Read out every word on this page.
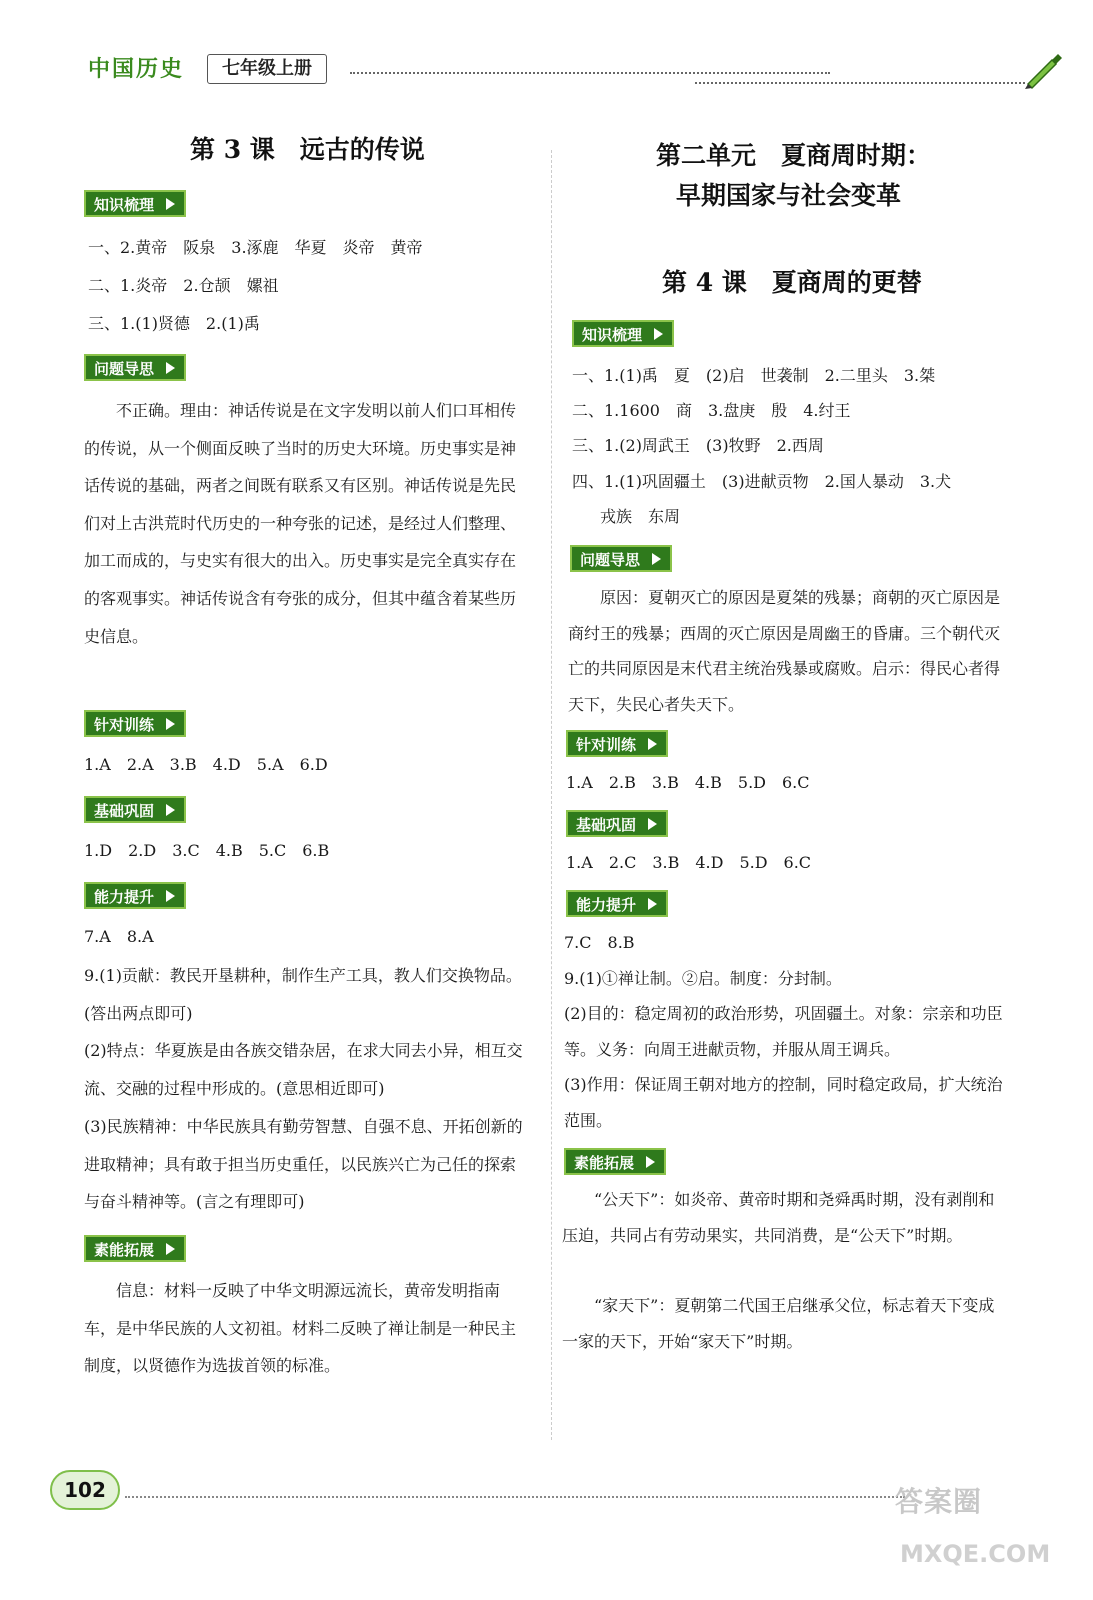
中国历史	七年级上册
第 3 课　远古的传说
知识梳理
一、2.黄帝　阪泉　3.涿鹿　华夏　炎帝　黄帝
二、1.炎帝　2.仓颉　嫘祖
三、1.(1)贤德　2.(1)禹
问题导思
不正确。理由：神话传说是在文字发明以前人们口耳相传的传说，从一个侧面反映了当时的历史大环境。历史事实是神话传说的基础，两者之间既有联系又有区别。神话传说是先民们对上古洪荒时代历史的一种夸张的记述，是经过人们整理、加工而成的，与史实有很大的出入。历史事实是完全真实存在的客观事实。神话传说含有夸张的成分，但其中蕴含着某些历史信息。
针对训练
1.A　2.A　3.B　4.D　5.A　6.D
基础巩固
1.D　2.D　3.C　4.B　5.C　6.B
能力提升
7.A　8.A
9.(1)贡献：教民开垦耕种，制作生产工具，教人们交换物品。(答出两点即可)
(2)特点：华夏族是由各族交错杂居，在求大同去小异，相互交流、交融的过程中形成的。(意思相近即可)
(3)民族精神：中华民族具有勤劳智慧、自强不息、开拓创新的进取精神；具有敢于担当历史重任，以民族兴亡为己任的探索与奋斗精神等。(言之有理即可)
素能拓展
信息：材料一反映了中华文明源远流长，黄帝发明指南车，是中华民族的人文初祖。材料二反映了禅让制是一种民主制度，以贤德作为选拔首领的标准。
第二单元　夏商周时期：
早期国家与社会变革
第 4 课　夏商周的更替
知识梳理
一、1.(1)禹　夏　(2)启　世袭制　2.二里头　3.桀
二、1.1600　商　3.盘庚　殷　4.纣王
三、1.(2)周武王　(3)牧野　2.西周
四、1.(1)巩固疆土　(3)进献贡物　2.国人暴动　3.犬
戎族　东周
问题导思
原因：夏朝灭亡的原因是夏桀的残暴；商朝的灭亡原因是商纣王的残暴；西周的灭亡原因是周幽王的昏庸。三个朝代灭亡的共同原因是末代君主统治残暴或腐败。启示：得民心者得天下，失民心者失天下。
针对训练
1.A　2.B　3.B　4.B　5.D　6.C
基础巩固
1.A　2.C　3.B　4.D　5.D　6.C
能力提升
7.C　8.B
9.(1)①禅让制。②启。制度：分封制。
(2)目的：稳定周初的政治形势，巩固疆土。对象：宗亲和功臣等。义务：向周王进献贡物，并服从周王调兵。
(3)作用：保证周王朝对地方的控制，同时稳定政局，扩大统治范围。
素能拓展
“公天下”：如炎帝、黄帝时期和尧舜禹时期，没有剥削和压迫，共同占有劳动果实，共同消费，是“公天下”时期。
“家天下”：夏朝第二代国王启继承父位，标志着天下变成一家的天下，开始“家天下”时期。
102	答案圈
MXQE.COM
